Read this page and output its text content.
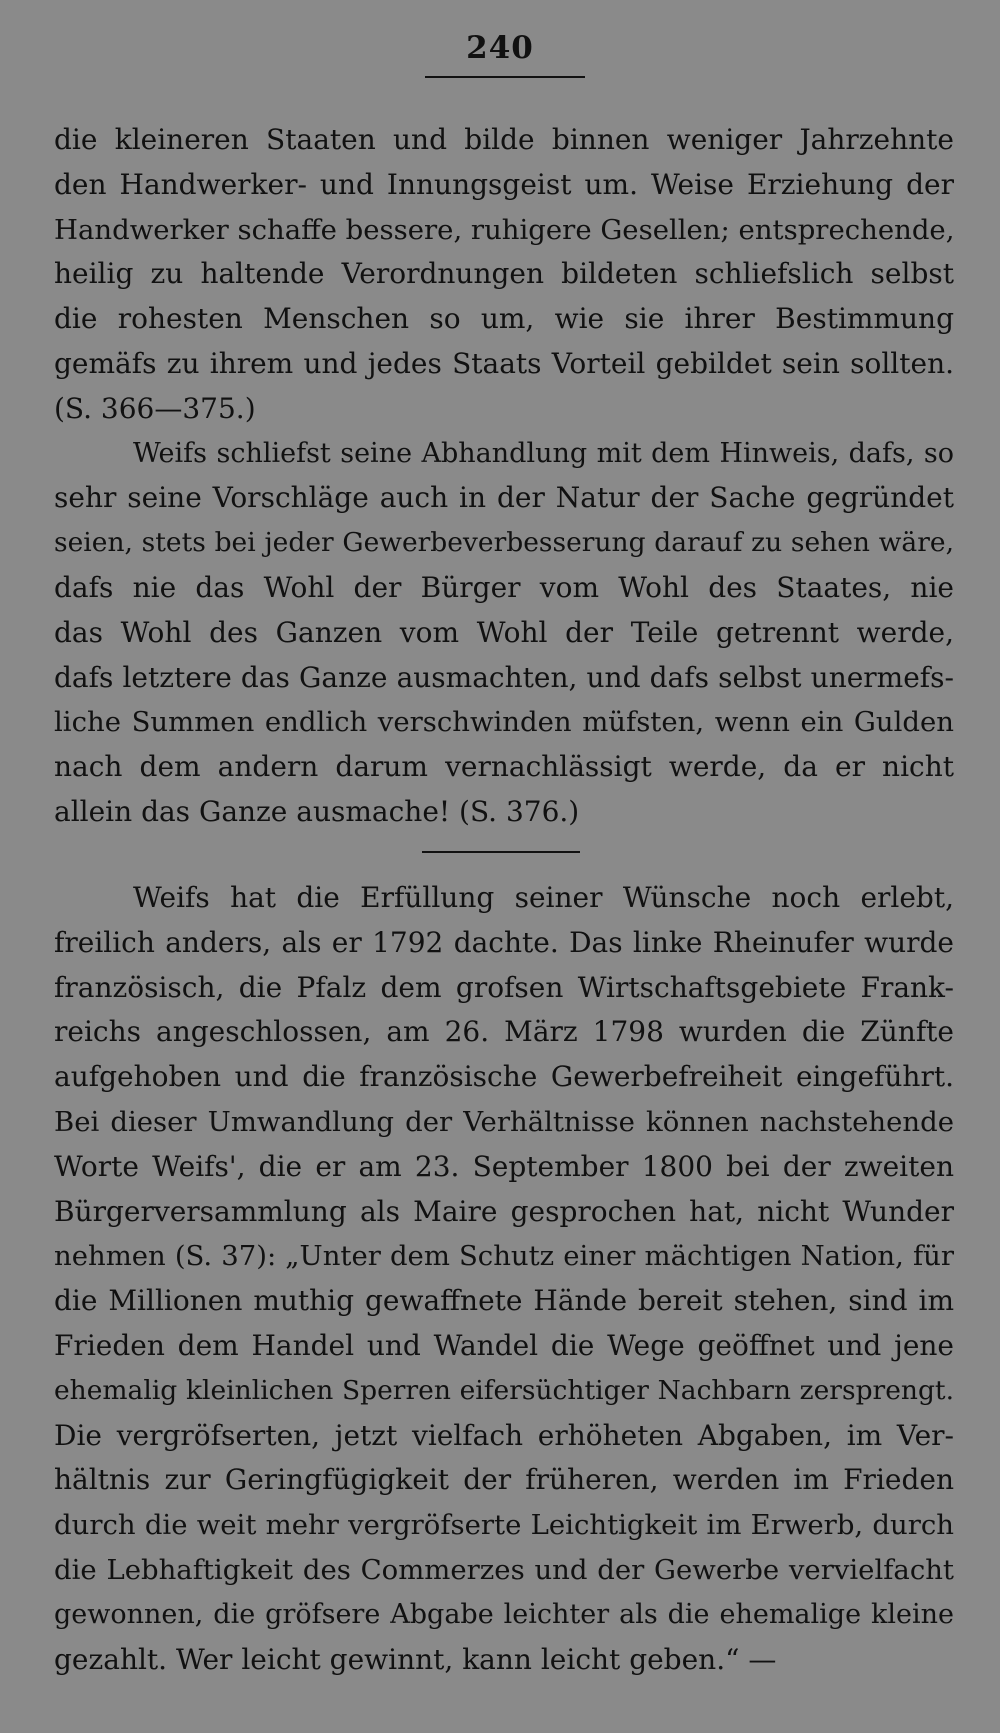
240
die kleineren Staaten und bilde binnen weniger Jahrzehnte
den Handwerker- und Innungsgeist um. Weise Erziehung der
Handwerker schaffe bessere, ruhigere Gesellen; entsprechende,
heilig zu haltende Verordnungen bildeten schliefslich selbst
die rohesten Menschen so um, wie sie ihrer Bestimmung
gemäfs zu ihrem und jedes Staats Vorteil gebildet sein sollten.
(S. 366—375.)
Weifs schliefst seine Abhandlung mit dem Hinweis, dafs, so
sehr seine Vorschläge auch in der Natur der Sache gegründet
seien, stets bei jeder Gewerbeverbesserung darauf zu sehen wäre,
dafs nie das Wohl der Bürger vom Wohl des Staates, nie
das Wohl des Ganzen vom Wohl der Teile getrennt werde,
dafs letztere das Ganze ausmachten, und dafs selbst unermefs-
liche Summen endlich verschwinden müfsten, wenn ein Gulden
nach dem andern darum vernachlässigt werde, da er nicht
allein das Ganze ausmache! (S. 376.)
Weifs hat die Erfüllung seiner Wünsche noch erlebt,
freilich anders, als er 1792 dachte. Das linke Rheinufer wurde
französisch, die Pfalz dem grofsen Wirtschaftsgebiete Frank-
reichs angeschlossen, am 26. März 1798 wurden die Zünfte
aufgehoben und die französische Gewerbefreiheit eingeführt.
Bei dieser Umwandlung der Verhältnisse können nachstehende
Worte Weifs', die er am 23. September 1800 bei der zweiten
Bürgerversammlung als Maire gesprochen hat, nicht Wunder
nehmen (S. 37): „Unter dem Schutz einer mächtigen Nation, für
die Millionen muthig gewaffnete Hände bereit stehen, sind im
Frieden dem Handel und Wandel die Wege geöffnet und jene
ehemalig kleinlichen Sperren eifersüchtiger Nachbarn zersprengt.
Die vergröfserten, jetzt vielfach erhöheten Abgaben, im Ver-
hältnis zur Geringfügigkeit der früheren, werden im Frieden
durch die weit mehr vergröfserte Leichtigkeit im Erwerb, durch
die Lebhaftigkeit des Commerzes und der Gewerbe vervielfacht
gewonnen, die gröfsere Abgabe leichter als die ehemalige kleine
gezahlt. Wer leicht gewinnt, kann leicht geben.“ —
